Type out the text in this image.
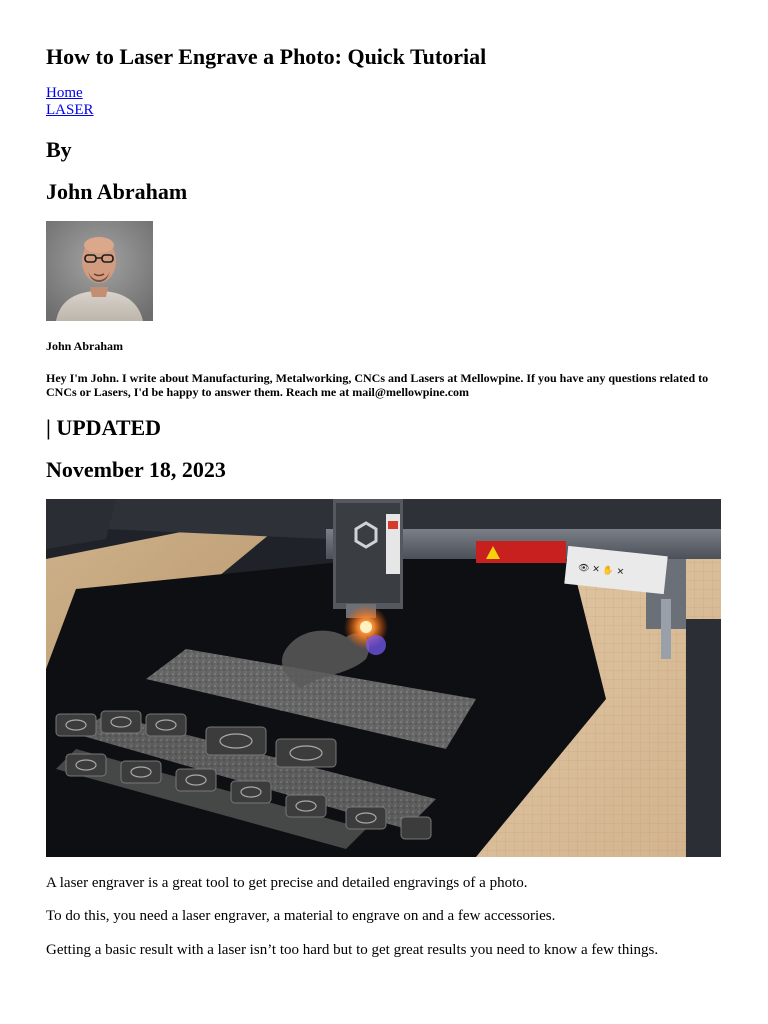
How to Laser Engrave a Photo: Quick Tutorial
Home
LASER
By
John Abraham
John Abraham
Hey I'm John. I write about Manufacturing, Metalworking, CNCs and Lasers at Mellowpine. If you have any questions related to CNCs or Lasers, I'd be happy to answer them. Reach me at mail@mellowpine.com
| UPDATED
November 18, 2023
👁 ✕ ✋ ✕

A laser engraver is a great tool to get precise and detailed engravings of a photo.

To do this, you need a laser engraver, a material to engrave on and a few accessories.

Getting a basic result with a laser isn’t too hard but to get great results you need to know a few things.
